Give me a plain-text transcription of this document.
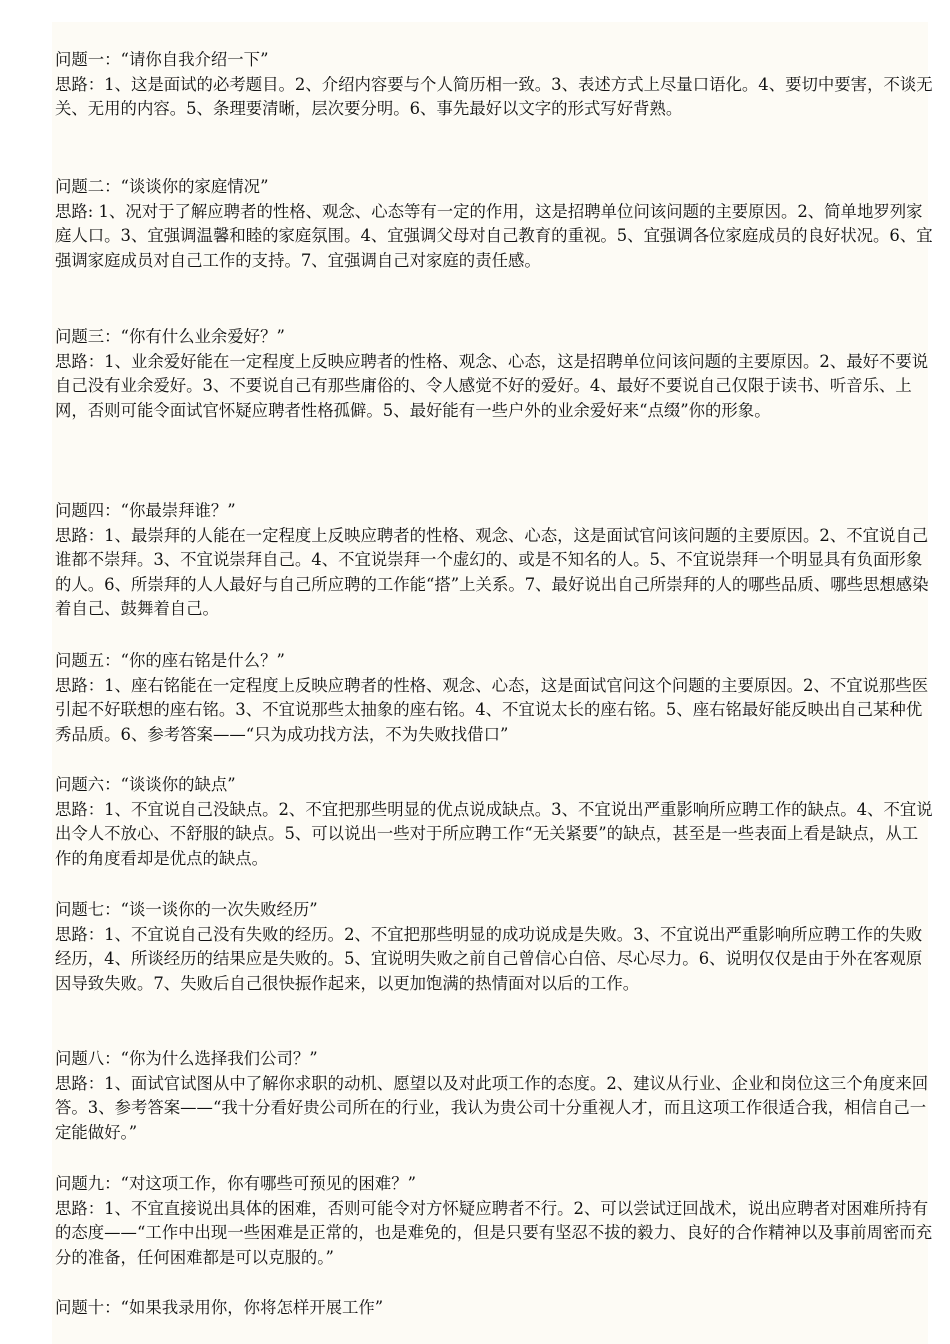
问题一：“请你自我介绍一下”
思路：1、这是面试的必考题目。2、介绍内容要与个人简历相一致。3、表述方式上尽量口语化。4、要切中要害，不谈无关、无用的内容。5、条理要清晰，层次要分明。6、事先最好以文字的形式写好背熟。
问题二：“谈谈你的家庭情况”
思路: 1、况对于了解应聘者的性格、观念、心态等有一定的作用，这是招聘单位问该问题的主要原因。2、简单地罗列家庭人口。3、宜强调温馨和睦的家庭氛围。4、宜强调父母对自己教育的重视。5、宜强调各位家庭成员的良好状况。6、宜强调家庭成员对自己工作的支持。7、宜强调自己对家庭的责任感。
问题三：“你有什么业余爱好？”
思路：1、业余爱好能在一定程度上反映应聘者的性格、观念、心态，这是招聘单位问该问题的主要原因。2、最好不要说自己没有业余爱好。3、不要说自己有那些庸俗的、令人感觉不好的爱好。4、最好不要说自己仅限于读书、听音乐、上网，否则可能令面试官怀疑应聘者性格孤僻。5、最好能有一些户外的业余爱好来“点缀”你的形象。
问题四：“你最崇拜谁？”
思路：1、最崇拜的人能在一定程度上反映应聘者的性格、观念、心态，这是面试官问该问题的主要原因。2、不宜说自己谁都不崇拜。3、不宜说崇拜自己。4、不宜说崇拜一个虚幻的、或是不知名的人。5、不宜说崇拜一个明显具有负面形象的人。6、所崇拜的人人最好与自己所应聘的工作能“搭”上关系。7、最好说出自己所崇拜的人的哪些品质、哪些思想感染着自己、鼓舞着自己。
问题五：“你的座右铭是什么？”
思路：1、座右铭能在一定程度上反映应聘者的性格、观念、心态，这是面试官问这个问题的主要原因。2、不宜说那些医引起不好联想的座右铭。3、不宜说那些太抽象的座右铭。4、不宜说太长的座右铭。5、座右铭最好能反映出自己某种优秀品质。6、参考答案——“只为成功找方法，不为失败找借口”
问题六：“谈谈你的缺点”
思路：1、不宜说自己没缺点。2、不宜把那些明显的优点说成缺点。3、不宜说出严重影响所应聘工作的缺点。4、不宜说出令人不放心、不舒服的缺点。5、可以说出一些对于所应聘工作“无关紧要”的缺点，甚至是一些表面上看是缺点，从工作的角度看却是优点的缺点。
问题七：“谈一谈你的一次失败经历”
思路：1、不宜说自己没有失败的经历。2、不宜把那些明显的成功说成是失败。3、不宜说出严重影响所应聘工作的失败经历，4、所谈经历的结果应是失败的。5、宜说明失败之前自己曾信心白倍、尽心尽力。6、说明仅仅是由于外在客观原因导致失败。7、失败后自己很快振作起来，以更加饱满的热情面对以后的工作。
问题八：“你为什么选择我们公司？”
思路：1、面试官试图从中了解你求职的动机、愿望以及对此项工作的态度。2、建议从行业、企业和岗位这三个角度来回答。3、参考答案——“我十分看好贵公司所在的行业，我认为贵公司十分重视人才，而且这项工作很适合我，相信自己一定能做好。”
问题九：“对这项工作，你有哪些可预见的困难？”
思路：1、不宜直接说出具体的困难，否则可能令对方怀疑应聘者不行。2、可以尝试迂回战术，说出应聘者对困难所持有的态度——“工作中出现一些困难是正常的，也是难免的，但是只要有坚忍不拔的毅力、良好的合作精神以及事前周密而充分的准备，任何困难都是可以克服的。”
问题十：“如果我录用你，你将怎样开展工作”
